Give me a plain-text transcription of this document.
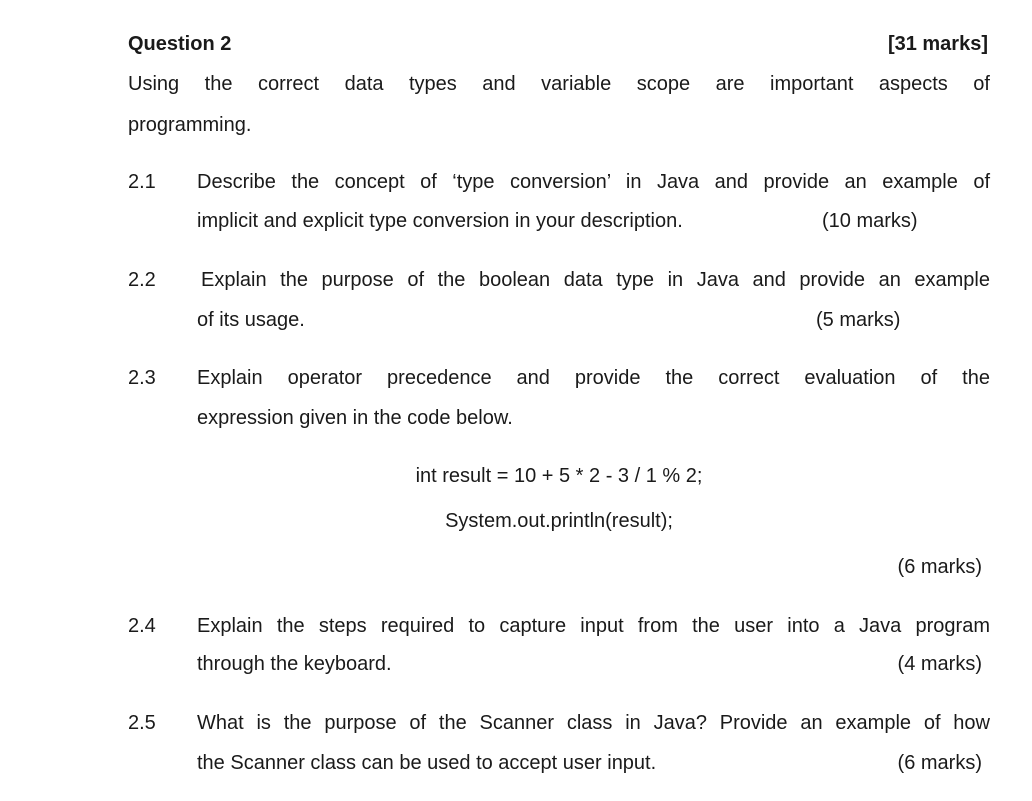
Question 2	[31 marks]
Using the correct data types and variable scope are important aspects of
programming.
2.1 Describe the concept of ‘type conversion’ in Java and provide an example of
implicit and explicit type conversion in your description.	(10 marks)
2.2 Explain the purpose of the boolean data type in Java and provide an example
of its usage.	(5 marks)
2.3 Explain operator precedence and provide the correct evaluation of the
expression given in the code below.
int result = 10 + 5 * 2 - 3 / 1 % 2;
System.out.println(result);
(6 marks)
2.4 Explain the steps required to capture input from the user into a Java program
through the keyboard.	(4 marks)
2.5 What is the purpose of the Scanner class in Java? Provide an example of how
the Scanner class can be used to accept user input.	(6 marks)
